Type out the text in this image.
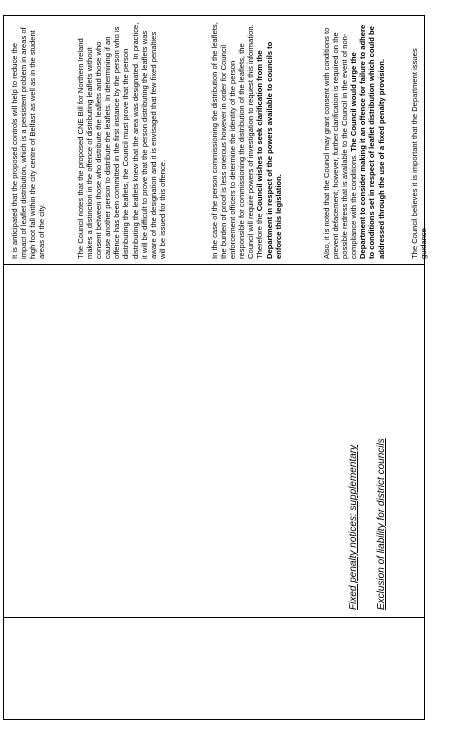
Fixed penalty notices: supplementary Exclusion of liability for district councils

It is anticipated that the proposed controls will help to reduce the impact of leaflet distribution, which is a persistent problem in areas of high foot fall within the city centre of Belfast as well as in the student areas of the city.	The Council notes that the proposed CNE Bill for Northern Ireland makes a distinction in the offence of distributing leaflets without consent between those who distribute the leaflets and those who cause another person to distribute the leaflets. In determining if an offence has been committed in the first instance by the person who is distributing the leaflets, the Council must prove that the person distributing the leaflets knew that the area was designated. In practice, it will be difficult to prove that the person distributing the leaflets was aware of the designation and it is envisaged that few fixed penalties will be issued for this offence.	In the case of the person commissioning the distribution of the leaflets, the burden of proof is less onerous however in order for Council enforcement officers to determine the identity of the person responsible for commissioning the distribution of the leaflets, the Council will require powers of investigation to request this information. Therefore the Council wishes to seek clarification from the Department in respect of the powers available to councils to enforce this legislation.	Also, it is noted that the Council may grant consent with conditions to prevent defacement; however, further clarification is required on the possible redress that is available to the Council in the event of non-compliance with the conditions. The Council would urge the Department to consider making it an offence for failure to adhere to conditions set in respect of leaflet distribution which could be addressed through the use of a fixed penalty provision.	The Council believes it is important that the Department issues guidance
